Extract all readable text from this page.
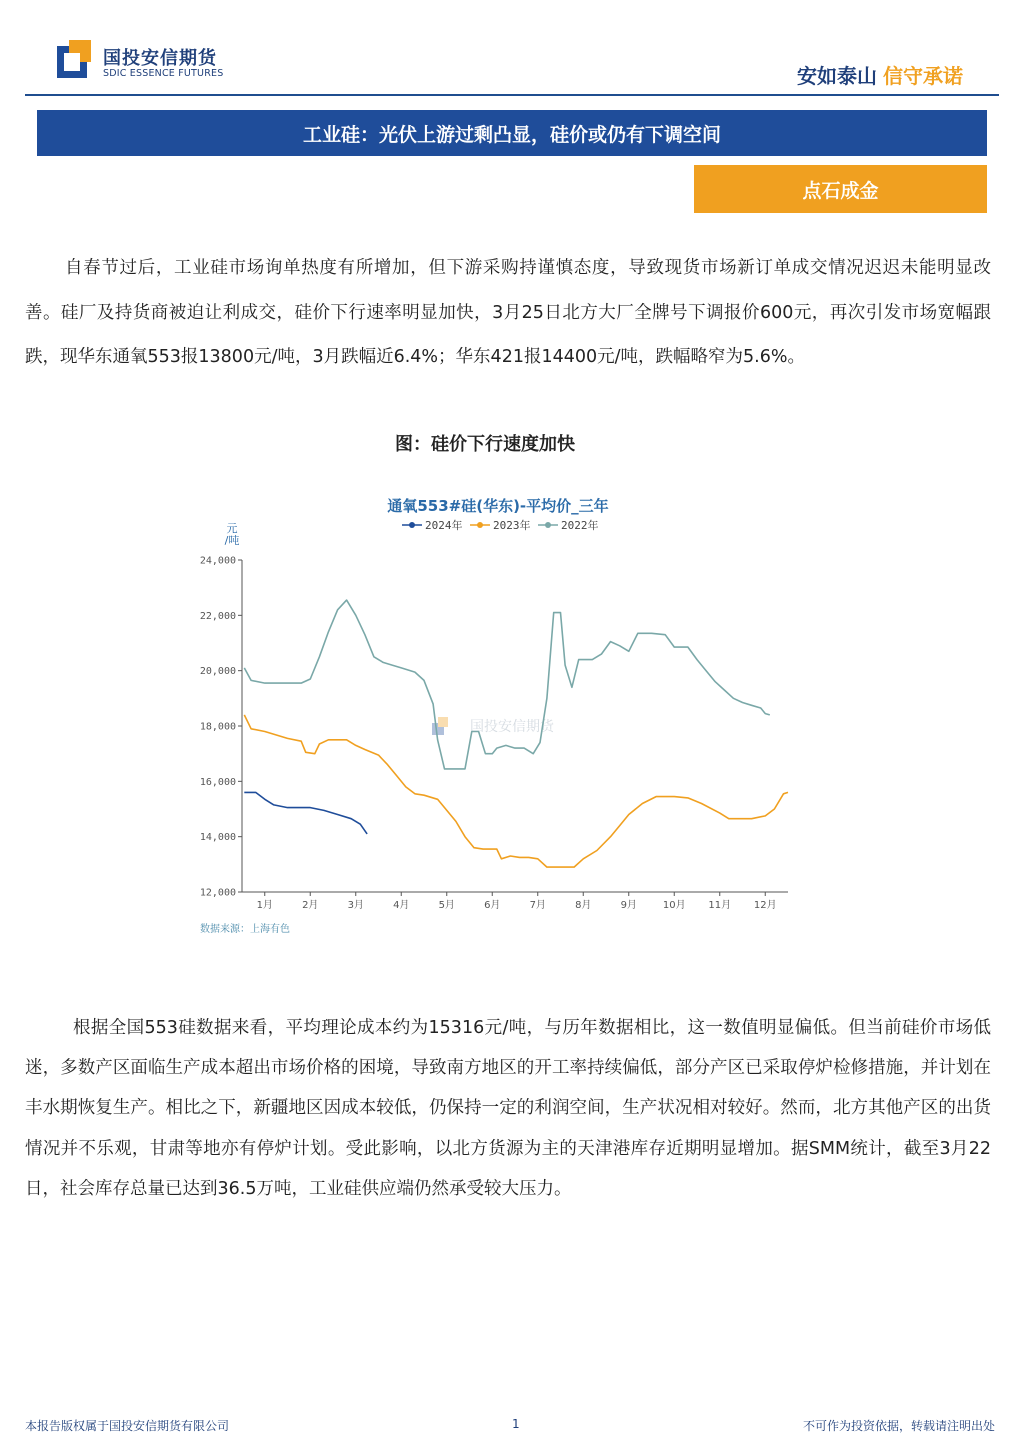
国投安信期货
SDIC ESSENCE FUTURES	安如泰山 信守承诺
工业硅：光伏上游过剩凸显，硅价或仍有下调空间
点石成金

自春节过后，工业硅市场询单热度有所增加，但下游采购持谨慎态度，导致现货市场新订单成交情况迟迟未能明显改善。硅厂及持货商被迫让利成交，硅价下行速率明显加快，3月25日北方大厂全牌号下调报价600元，再次引发市场宽幅跟跌，现华东通氧553报13800元/吨，3月跌幅近6.4%；华东421报14400元/吨，跌幅略窄为5.6%。

图：硅价下行速度加快
通氧553#硅(华东)-平均价_三年
2024年	2023年	2022年
元
/吨
国投安信期货
12,000
14,000
16,000
18,000
20,000
22,000
24,000
1月	2月	3月	4月	5月	6月	7月	8月	9月	10月 11月 12月
数据来源：上海有色

根据全国553硅数据来看，平均理论成本约为15316元/吨，与历年数据相比，这一数值明显偏低。但当前硅价市场低迷，多数产区面临生产成本超出市场价格的困境，导致南方地区的开工率持续偏低，部分产区已采取停炉检修措施，并计划在丰水期恢复生产。相比之下，新疆地区因成本较低，仍保持一定的利润空间，生产状况相对较好。然而，北方其他产区的出货情况并不乐观，甘肃等地亦有停炉计划。受此影响，以北方货源为主的天津港库存近期明显增加。据SMM统计，截至3月22日，社会库存总量已达到36.5万吨，工业硅供应端仍然承受较大压力。

本报告版权属于国投安信期货有限公司	1	不可作为投资依据，转载请注明出处
